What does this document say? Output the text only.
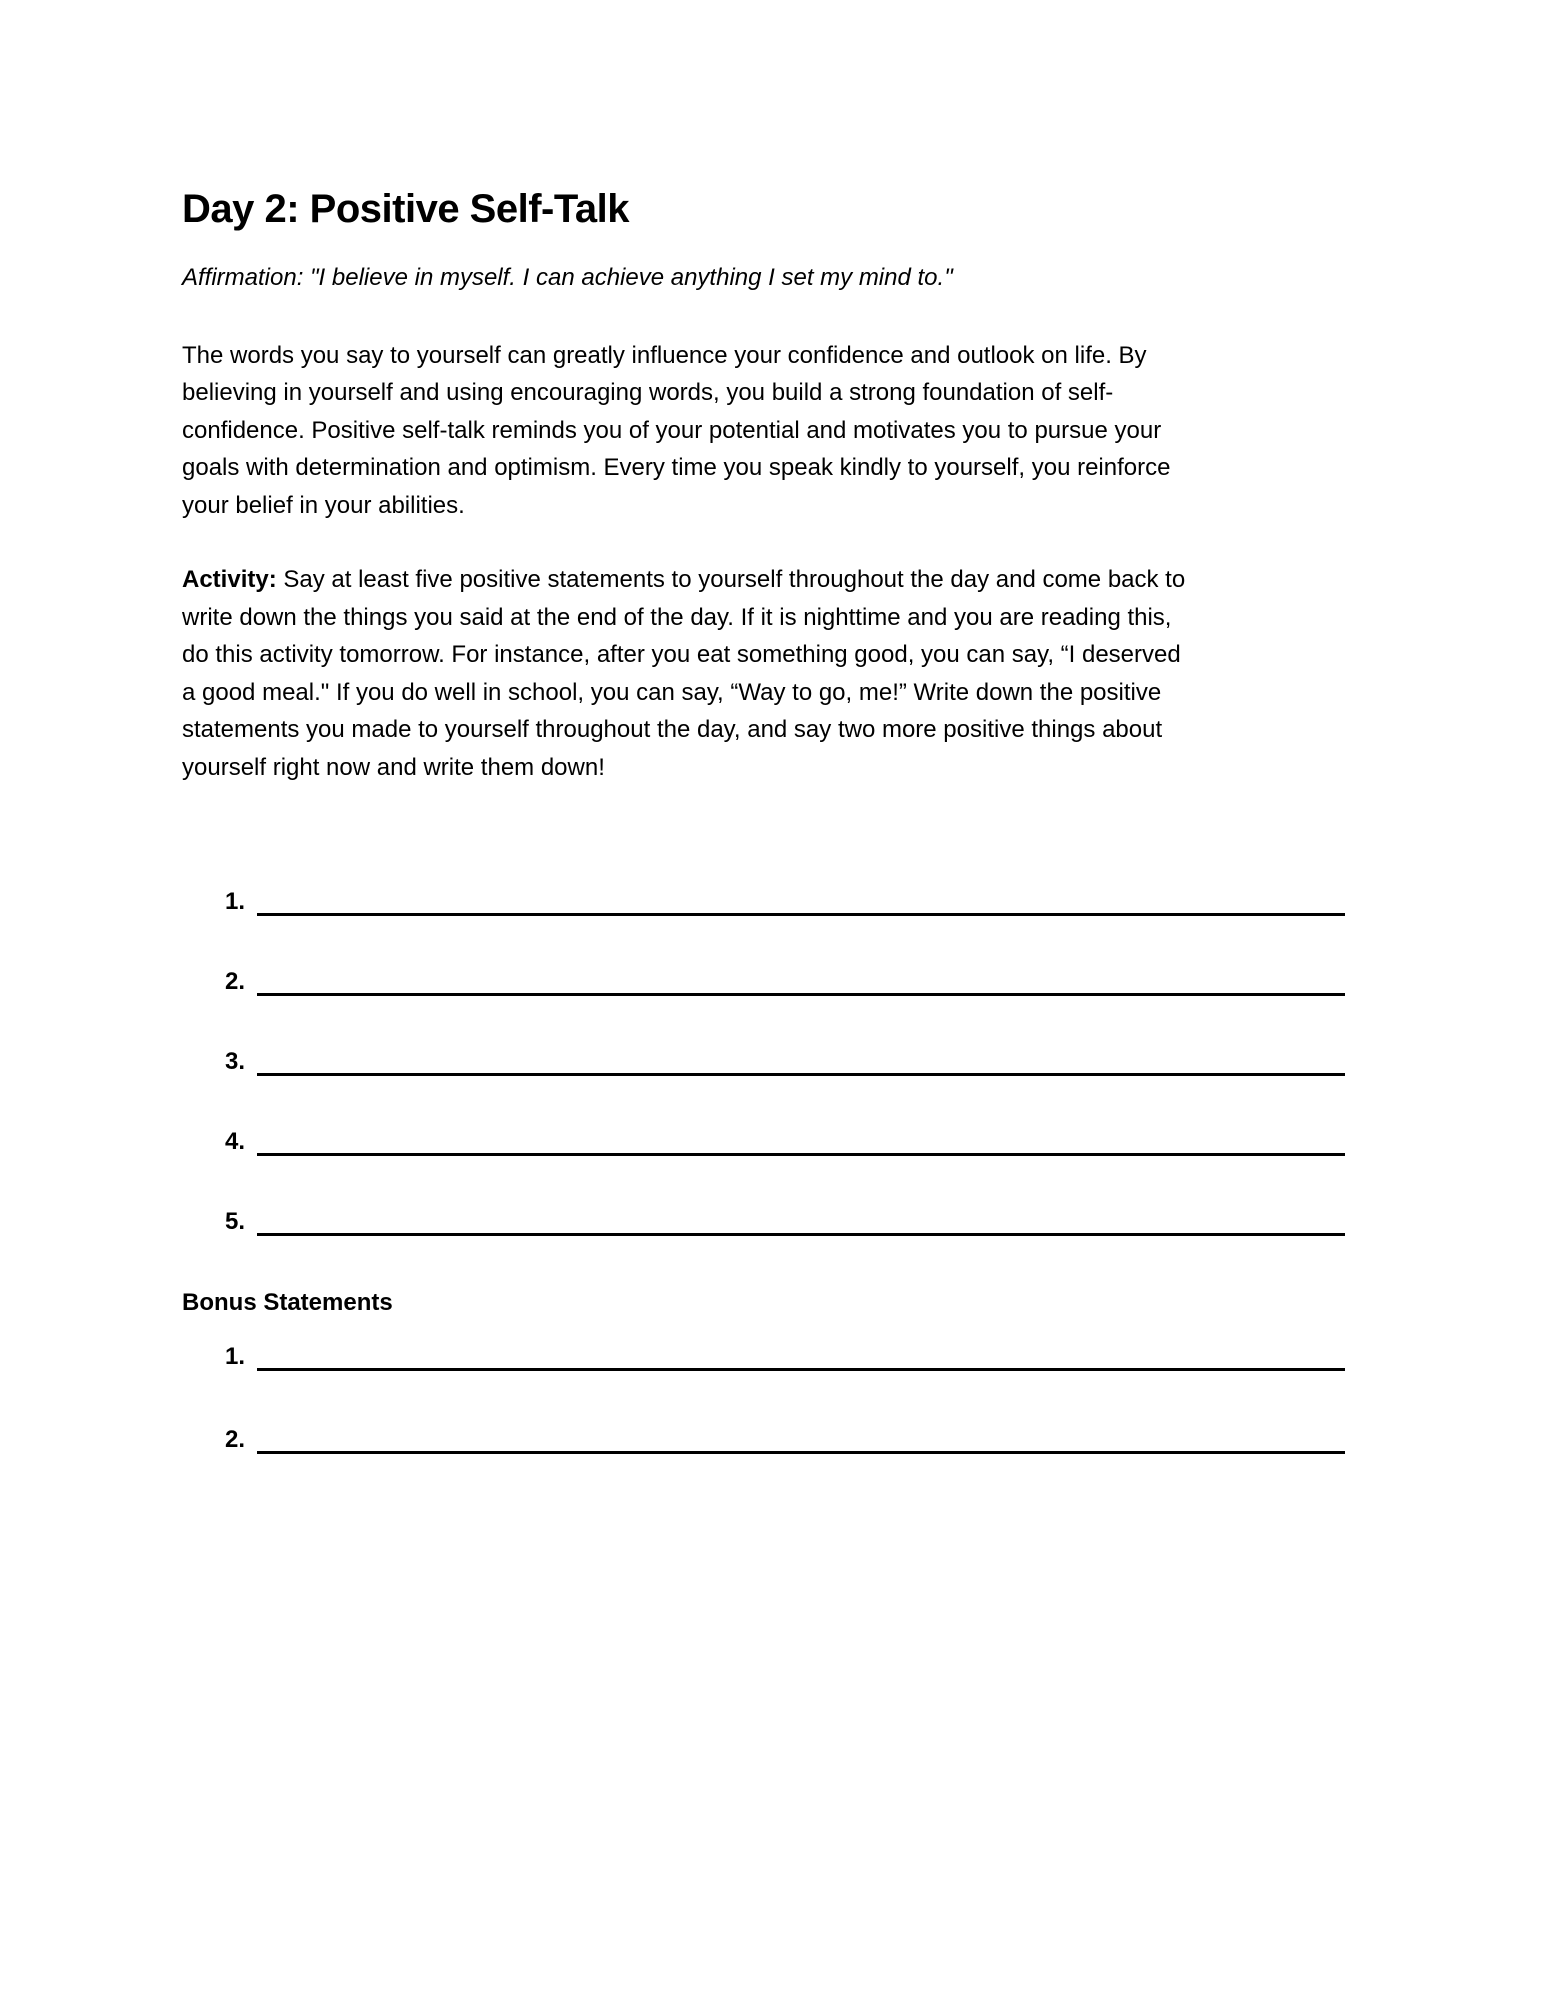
Day 2: Positive Self-Talk
Affirmation: "I believe in myself. I can achieve anything I set my mind to."
The words you say to yourself can greatly influence your confidence and outlook on life. By
believing in yourself and using encouraging words, you build a strong foundation of self-
confidence. Positive self-talk reminds you of your potential and motivates you to pursue your
goals with determination and optimism. Every time you speak kindly to yourself, you reinforce
your belief in your abilities.
Activity: Say at least five positive statements to yourself throughout the day and come back to
write down the things you said at the end of the day. If it is nighttime and you are reading this,
do this activity tomorrow. For instance, after you eat something good, you can say, “I deserved
a good meal." If you do well in school, you can say, “Way to go, me!” Write down the positive
statements you made to yourself throughout the day, and say two more positive things about
yourself right now and write them down!
1.
2.
3.
4.
5.
Bonus Statements
1.
2.
